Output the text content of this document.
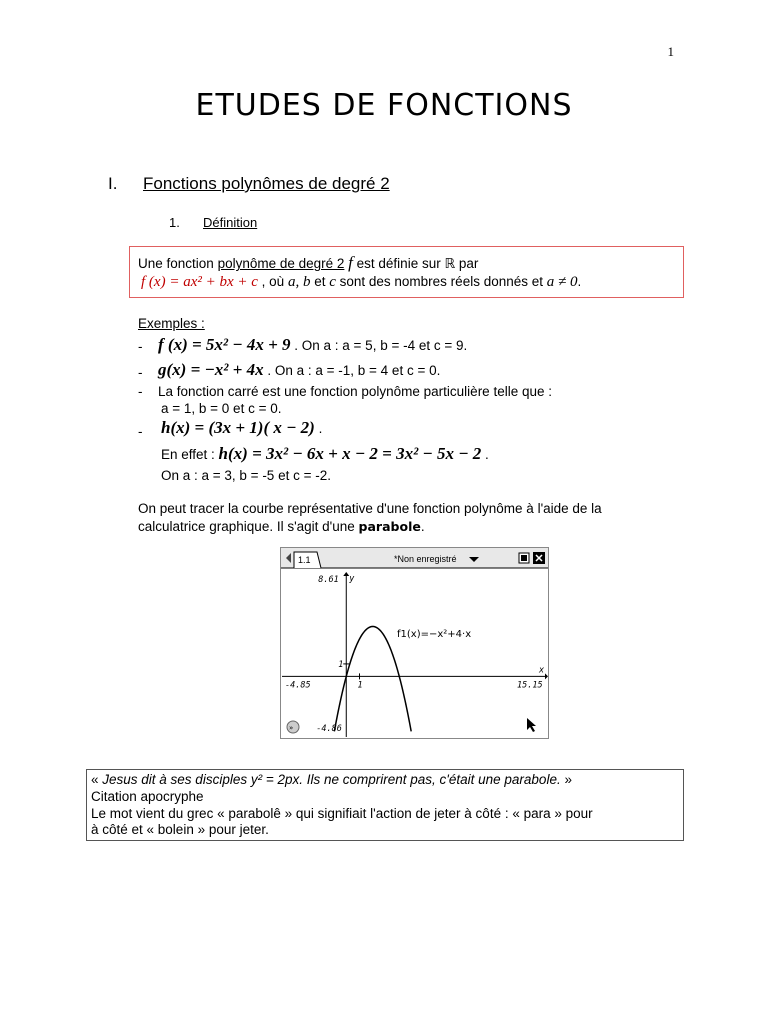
1
ETUDES DE FONCTIONS
I. Fonctions polynômes de degré 2
1. Définition
Une fonction polynôme de degré 2 f est définie sur ℝ par
f (x) = ax² + bx + c , où a, b et c sont des nombres réels donnés et a ≠ 0.
Exemples :
- f (x) = 5x² − 4x + 9 . On a : a = 5, b = -4 et c = 9.
- g(x) = −x² + 4x . On a : a = -1, b = 4 et c = 0.
- La fonction carré est une fonction polynôme particulière telle que :
a = 1, b = 0 et c = 0.
- h(x) = (3x + 1)( x − 2) .
En effet : h(x) = 3x² − 6x + x − 2 = 3x² − 5x − 2 .
On a : a = 3, b = -5 et c = -2.
On peut tracer la courbe représentative d'une fonction polynôme à l'aide de la
calculatrice graphique. Il s'agit d'une parabole.
1.1	*Non enregistré
8.61
-4.86
-4.85	15.15
x
y
1
1
f1(x)=−x²+4·x
»
« Jesus dit à ses disciples y² = 2px. Ils ne comprirent pas, c'était une parabole. »
Citation apocryphe
Le mot vient du grec « parabolê » qui signifiait l'action de jeter à côté : « para » pour
à côté et « bolein » pour jeter.
